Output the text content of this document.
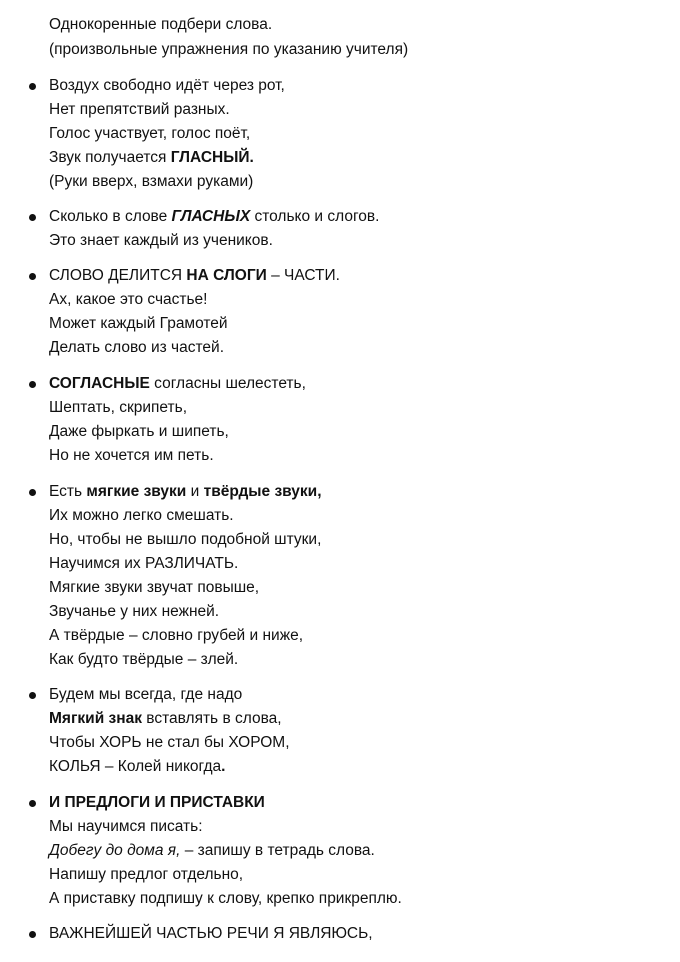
Однокоренные подбери слова.
(произвольные упражнения по указанию учителя)
Воздух свободно идёт через рот,
Нет препятствий разных.
Голос участвует, голос поёт,
Звук получается ГЛАСНЫЙ.
(Руки вверх, взмахи руками)
Сколько в слове ГЛАСНЫХ столько и слогов.
Это знает каждый из учеников.
СЛОВО ДЕЛИТСЯ НА СЛОГИ – ЧАСТИ.
Ах, какое это счастье!
Может каждый Грамотей
Делать слово из частей.
СОГЛАСНЫЕ согласны шелестеть,
Шептать, скрипеть,
Даже фыркать и шипеть,
Но не хочется им петь.
Есть мягкие звуки и твёрдые звуки,
Их можно легко смешать.
Но, чтобы не вышло подобной штуки,
Научимся их РАЗЛИЧАТЬ.
Мягкие звуки звучат повыше,
Звучанье у них нежней.
А твёрдые – словно грубей и ниже,
Как будто твёрдые – злей.
Будем мы всегда, где надо
Мягкий знак вставлять в слова,
Чтобы ХОРЬ не стал бы ХОРОМ,
КОЛЬЯ – Колей никогда.
И ПРЕДЛОГИ И ПРИСТАВКИ
Мы научимся писать:
Добегу до дома я, – запишу в тетрадь слова.
Напишу предлог отдельно,
А приставку подпишу к слову, крепко прикреплю.
ВАЖНЕЙШЕЙ ЧАСТЬЮ РЕЧИ Я ЯВЛЯЮСЬ,
